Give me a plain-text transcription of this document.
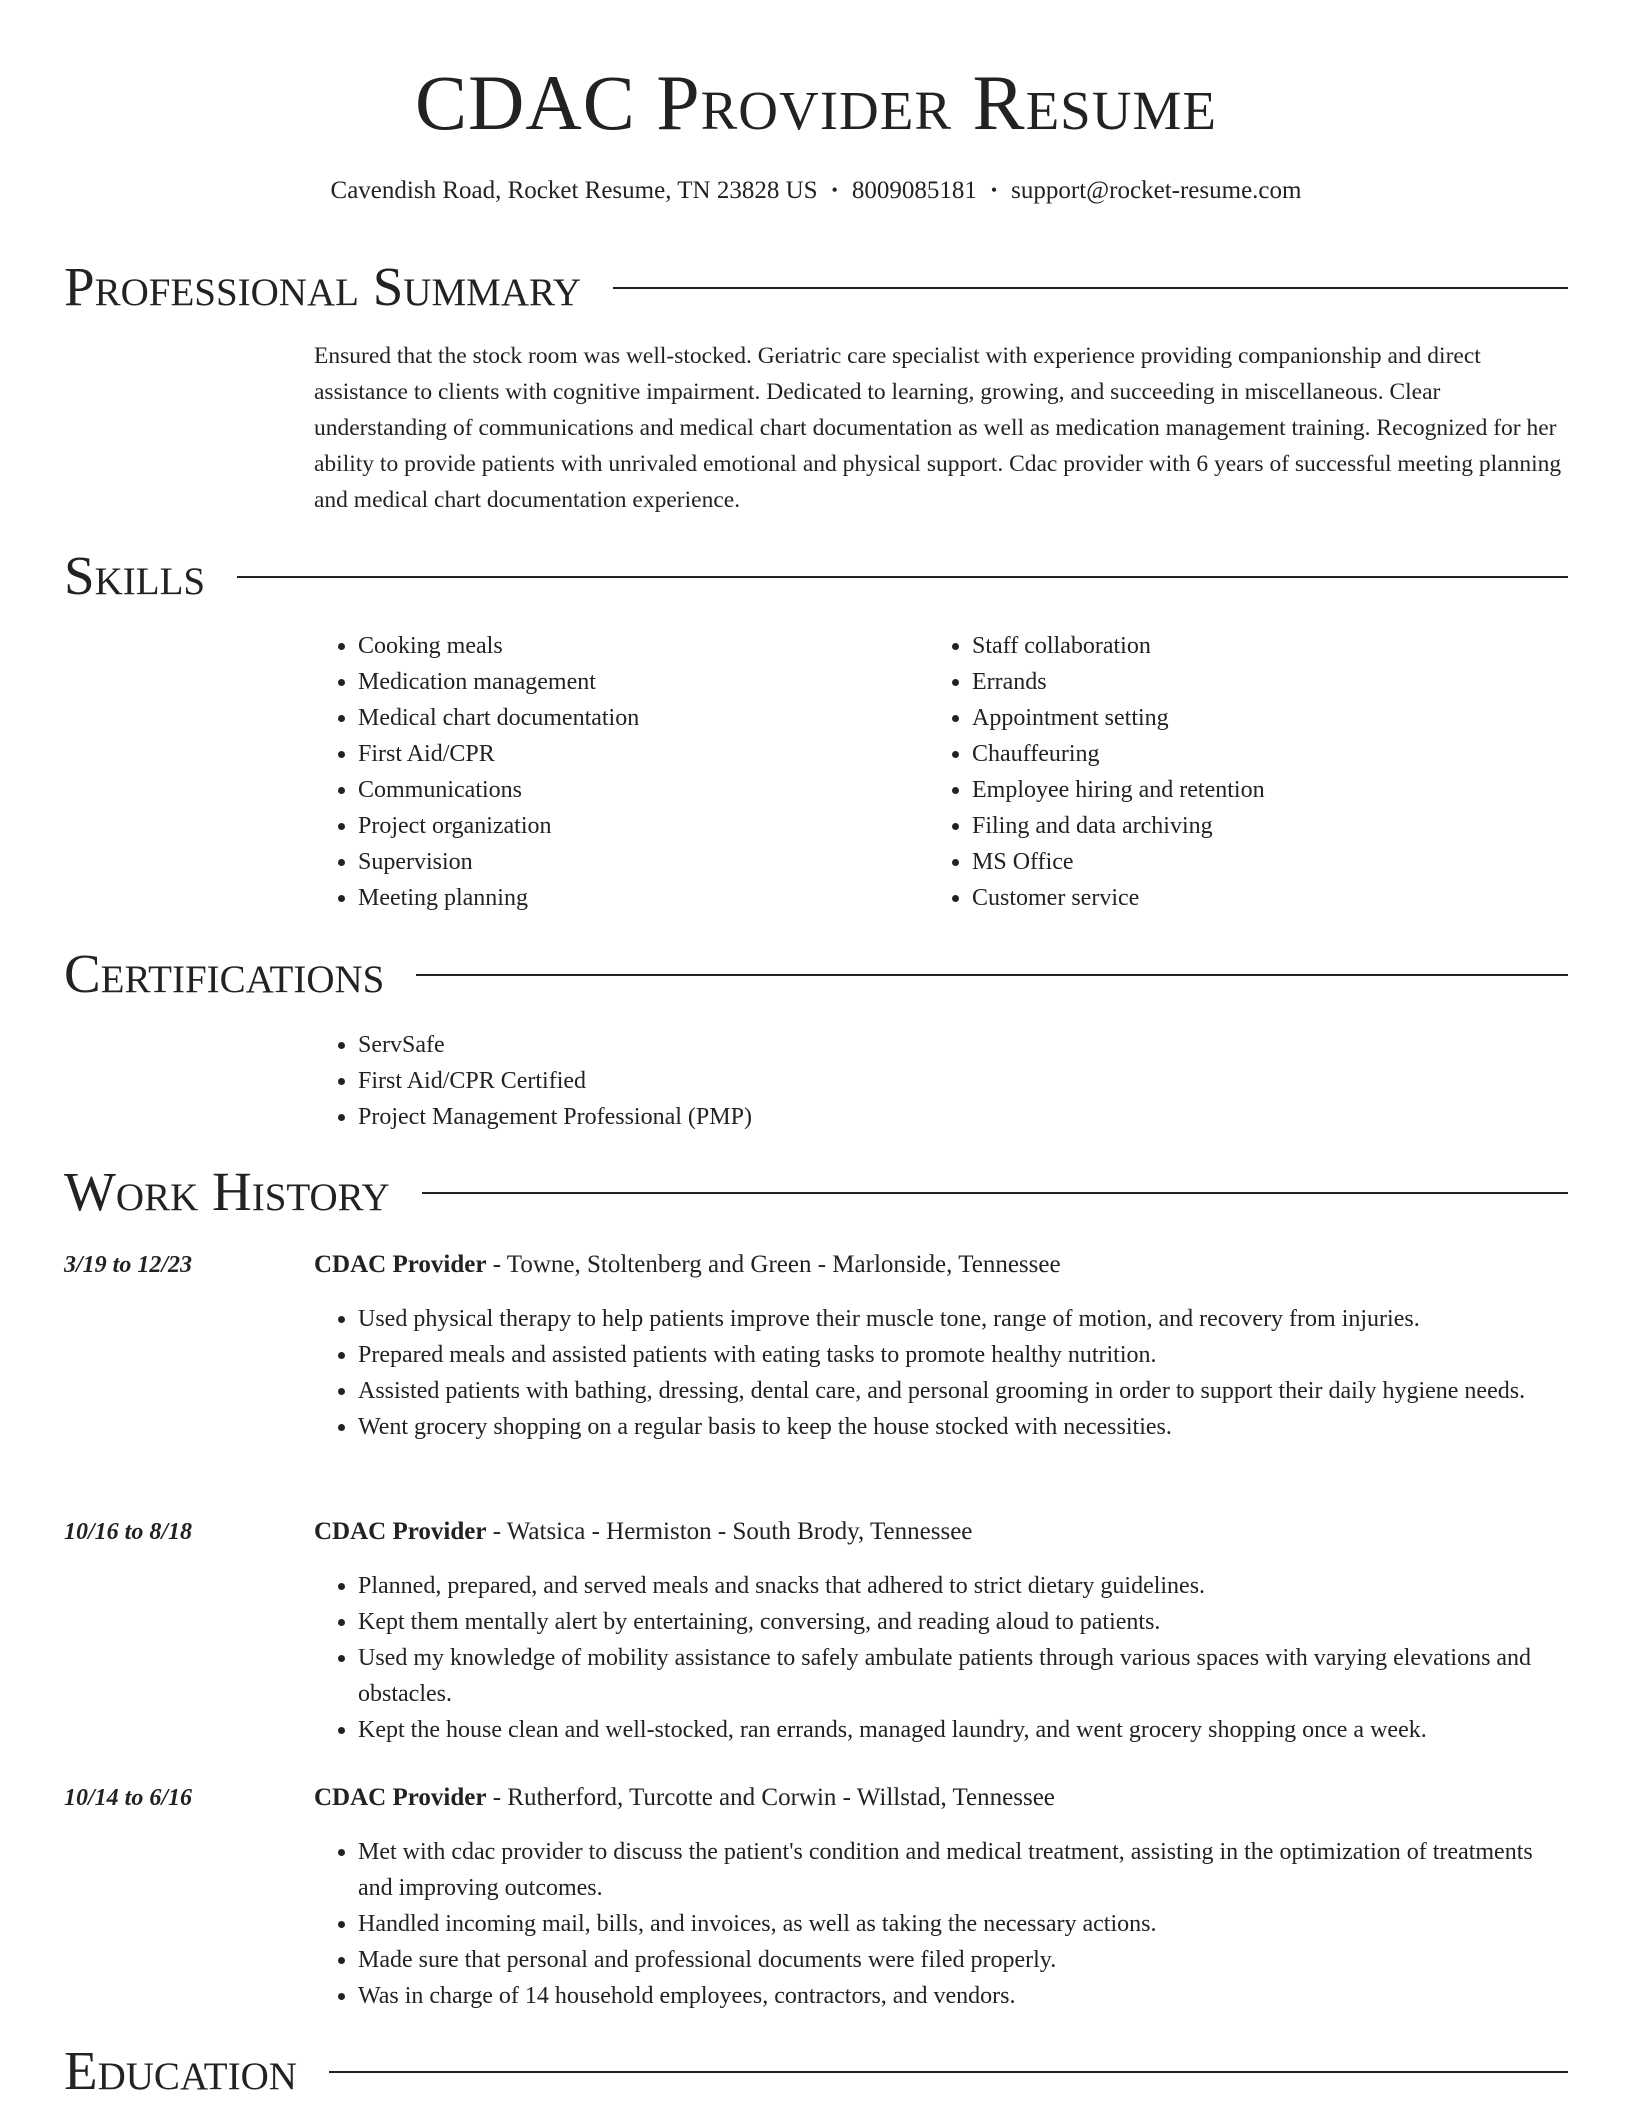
CDAC Provider Resume
Cavendish Road, Rocket Resume, TN 23828 US • 8009085181 • support@rocket-resume.com
Professional Summary
Ensured that the stock room was well-stocked. Geriatric care specialist with experience providing companionship and direct assistance to clients with cognitive impairment. Dedicated to learning, growing, and succeeding in miscellaneous. Clear understanding of communications and medical chart documentation as well as medication management training. Recognized for her ability to provide patients with unrivaled emotional and physical support. Cdac provider with 6 years of successful meeting planning and medical chart documentation experience.
Skills
• Cooking meals
• Medication management
• Medical chart documentation
• First Aid/CPR
• Communications
• Project organization
• Supervision
• Meeting planning
• Staff collaboration
• Errands
• Appointment setting
• Chauffeuring
• Employee hiring and retention
• Filing and data archiving
• MS Office
• Customer service
Certifications
• ServSafe
• First Aid/CPR Certified
• Project Management Professional (PMP)
Work History
3/19 to 12/23	CDAC Provider - Towne, Stoltenberg and Green - Marlonside, Tennessee
• Used physical therapy to help patients improve their muscle tone, range of motion, and recovery from injuries.
• Prepared meals and assisted patients with eating tasks to promote healthy nutrition.
• Assisted patients with bathing, dressing, dental care, and personal grooming in order to support their daily hygiene needs.
• Went grocery shopping on a regular basis to keep the house stocked with necessities.
10/16 to 8/18	CDAC Provider - Watsica - Hermiston - South Brody, Tennessee
• Planned, prepared, and served meals and snacks that adhered to strict dietary guidelines.
• Kept them mentally alert by entertaining, conversing, and reading aloud to patients.
• Used my knowledge of mobility assistance to safely ambulate patients through various spaces with varying elevations and obstacles.
• Kept the house clean and well-stocked, ran errands, managed laundry, and went grocery shopping once a week.
10/14 to 6/16	CDAC Provider - Rutherford, Turcotte and Corwin - Willstad, Tennessee
• Met with cdac provider to discuss the patient's condition and medical treatment, assisting in the optimization of treatments and improving outcomes.
• Handled incoming mail, bills, and invoices, as well as taking the necessary actions.
• Made sure that personal and professional documents were filed properly.
• Was in charge of 14 household employees, contractors, and vendors.
Education
